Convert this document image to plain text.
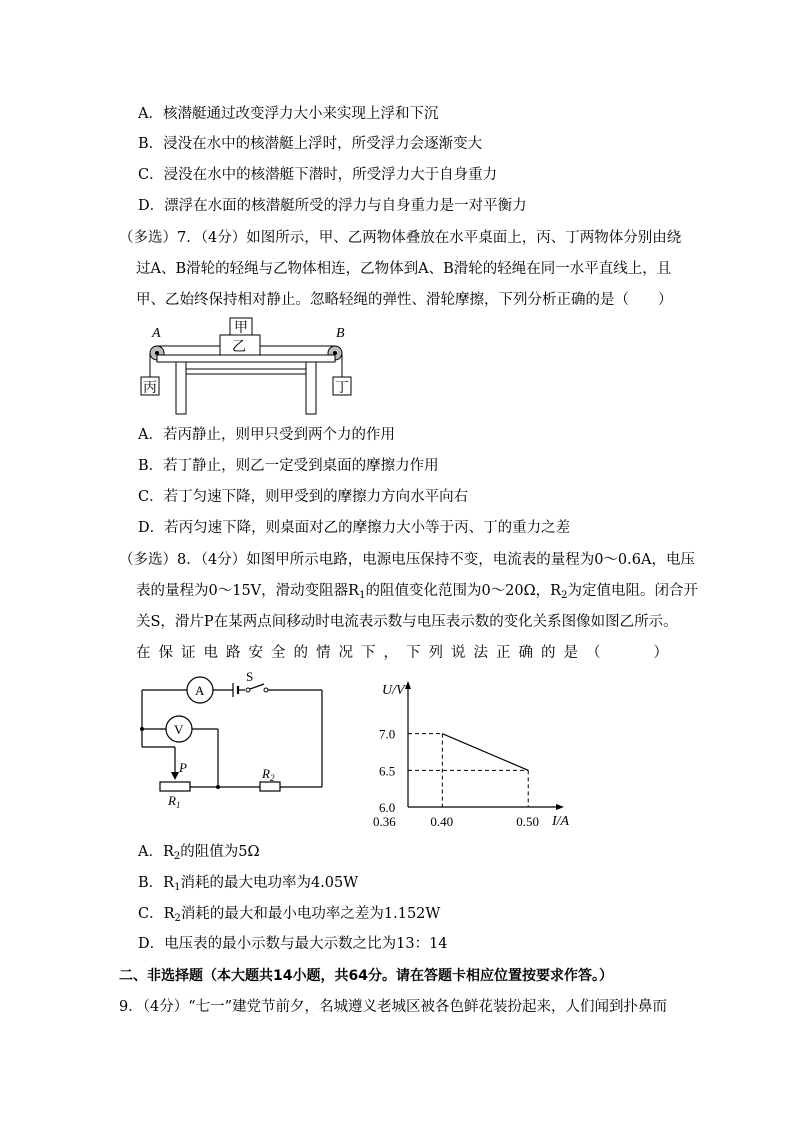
A．核潜艇通过改变浮力大小来实现上浮和下沉
B．浸没在水中的核潜艇上浮时，所受浮力会逐渐变大
C．浸没在水中的核潜艇下潜时，所受浮力大于自身重力
D．漂浮在水面的核潜艇所受的浮力与自身重力是一对平衡力
（多选）7．（4分）如图所示，甲、乙两物体叠放在水平桌面上，丙、丁两物体分别由绕
过A、B滑轮的轻绳与乙物体相连，乙物体到A、B滑轮的轻绳在同一水平直线上，且
甲、乙始终保持相对静止。忽略轻绳的弹性、滑轮摩擦，下列分析正确的是（　　）
A	B
甲
乙
丙	丁
A．若丙静止，则甲只受到两个力的作用
B．若丁静止，则乙一定受到桌面的摩擦力作用
C．若丁匀速下降，则甲受到的摩擦力方向水平向右
D．若丙匀速下降，则桌面对乙的摩擦力大小等于丙、丁的重力之差
（多选）8．（4分）如图甲所示电路，电源电压保持不变，电流表的量程为0～0.6A，电压
表的量程为0～15V，滑动变阻器$R_1$的阻值变化范围为0～20Ω，$R_2$为定值电阻。闭合开
关S，滑片P在某两点间移动时电流表示数与电压表示数的变化关系图像如图乙所示。
在保证电路安全的情况下，下列说法正确的是（　　）
A
S
V
P
$R_1$
$R_2$
U/V
I/A
6.0
6.5
7.0
0.36	0.40	0.50
A．$R_2$的阻值为5Ω
B．$R_1$消耗的最大电功率为4.05W
C．$R_2$消耗的最大和最小电功率之差为1.152W
D．电压表的最小示数与最大示数之比为13：14
二、非选择题（本大题共14小题，共64分。请在答题卡相应位置按要求作答。）
9．（4分）“七一”建党节前夕，名城遵义老城区被各色鲜花装扮起来，人们闻到扑鼻而
